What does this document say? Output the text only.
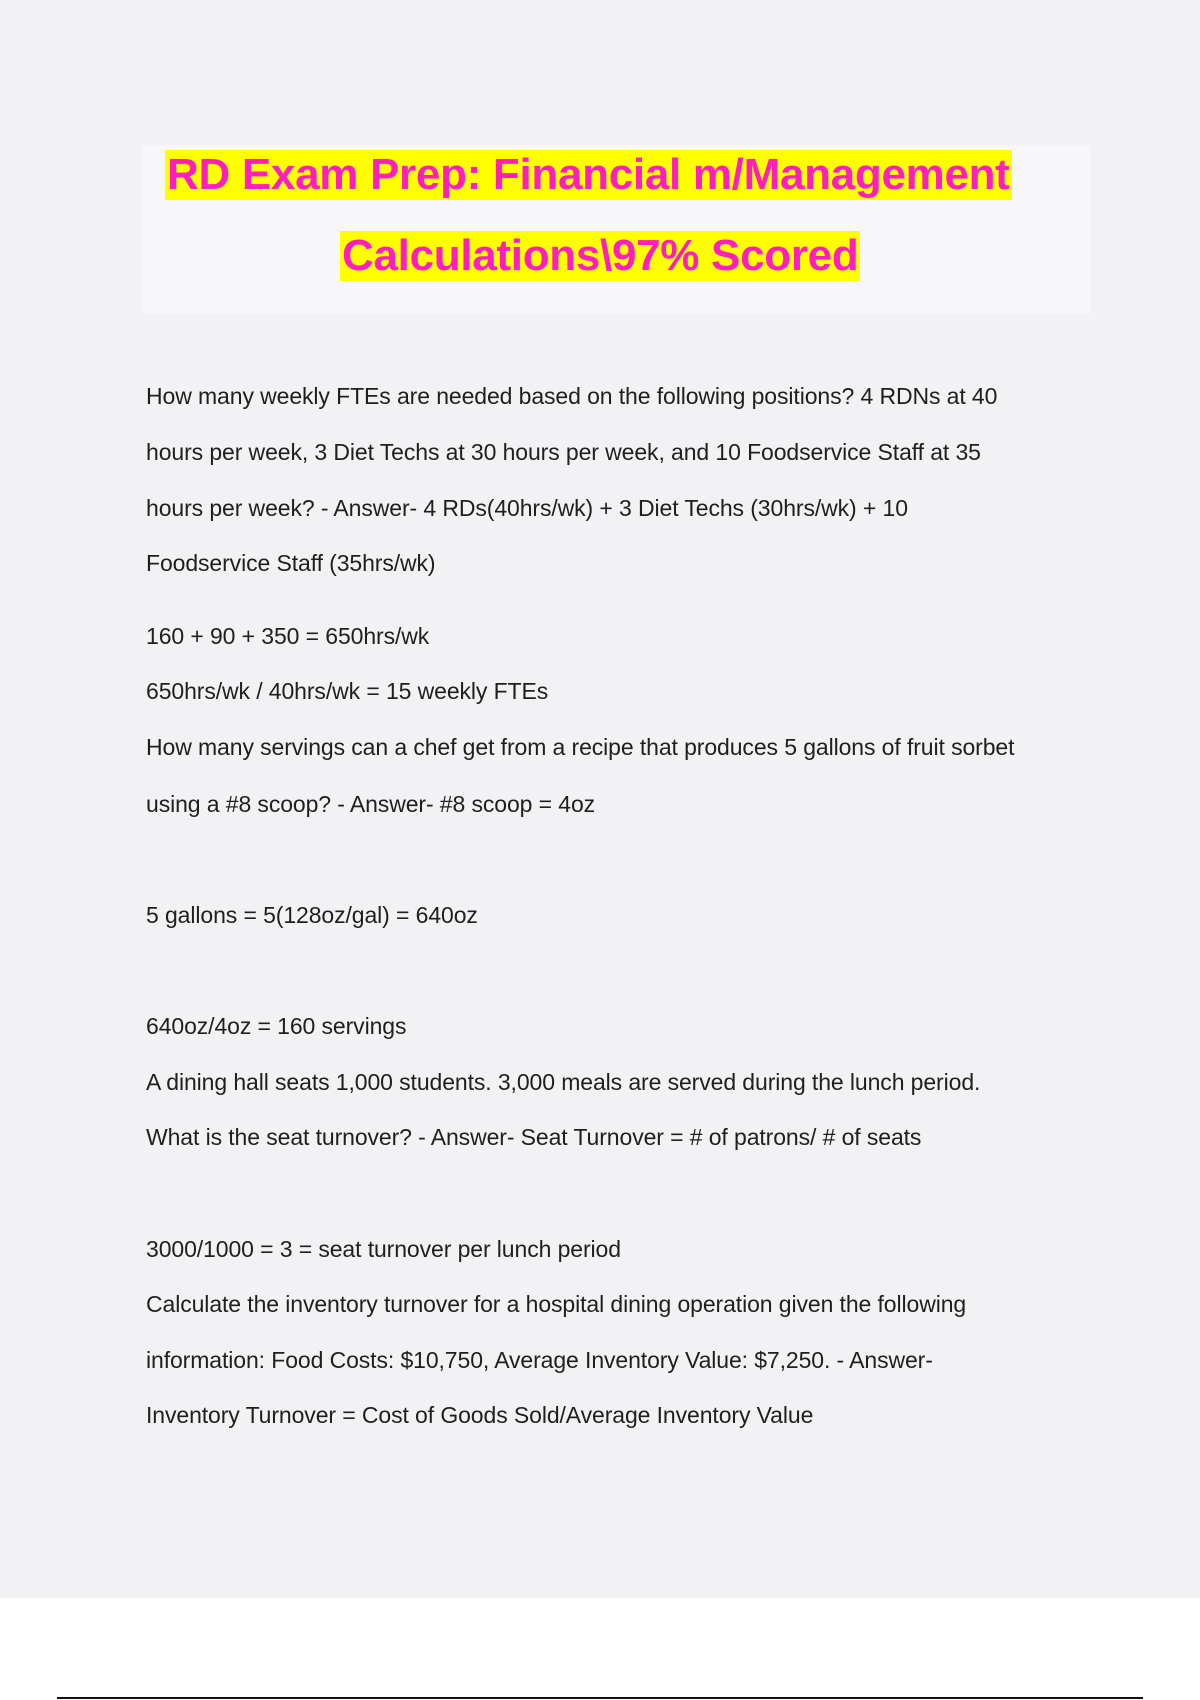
RD Exam Prep: Financial m/Management
Calculations\97% Scored
How many weekly FTEs are needed based on the following positions? 4 RDNs at 40
hours per week, 3 Diet Techs at 30 hours per week, and 10 Foodservice Staff at 35
hours per week? - Answer- 4 RDs(40hrs/wk) + 3 Diet Techs (30hrs/wk) + 10
Foodservice Staff (35hrs/wk)
160 + 90 + 350 = 650hrs/wk
650hrs/wk / 40hrs/wk = 15 weekly FTEs
How many servings can a chef get from a recipe that produces 5 gallons of fruit sorbet
using a #8 scoop? - Answer- #8 scoop = 4oz
5 gallons = 5(128oz/gal) = 640oz
640oz/4oz = 160 servings
A dining hall seats 1,000 students. 3,000 meals are served during the lunch period.
What is the seat turnover? - Answer- Seat Turnover = # of patrons/ # of seats
3000/1000 = 3 = seat turnover per lunch period
Calculate the inventory turnover for a hospital dining operation given the following
information: Food Costs: $10,750, Average Inventory Value: $7,250. - Answer-
Inventory Turnover = Cost of Goods Sold/Average Inventory Value
